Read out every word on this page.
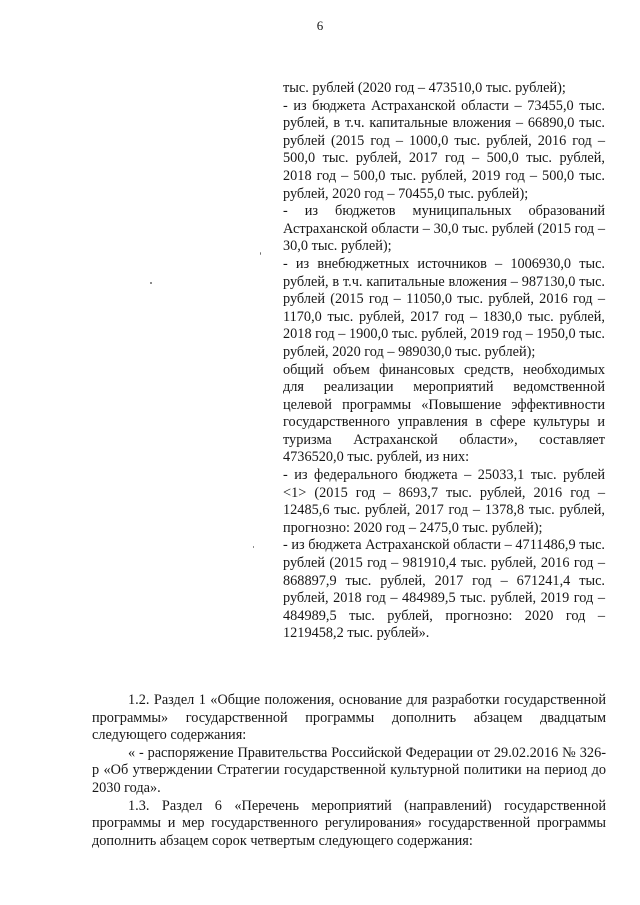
6

тыс. рублей (2020 год – 473510,0 тыс. рублей);

- из бюджета Астраханской области – 73455,0 тыс. рублей, в т.ч. капитальные вложения – 66890,0 тыс. рублей (2015 год – 1000,0 тыс. рублей, 2016 год – 500,0 тыс. рублей, 2017 год – 500,0 тыс. рублей, 2018 год – 500,0 тыс. рублей, 2019 год – 500,0 тыс. рублей, 2020 год – 70455,0 тыс. рублей);

- из бюджетов муниципальных образований Астраханской области – 30,0 тыс. рублей (2015 год – 30,0 тыс. рублей);

- из внебюджетных источников – 1006930,0 тыс. рублей, в т.ч. капитальные вложения – 987130,0 тыс. рублей (2015 год – 11050,0 тыс. рублей, 2016 год – 1170,0 тыс. рублей, 2017 год – 1830,0 тыс. рублей, 2018 год – 1900,0 тыс. рублей, 2019 год – 1950,0 тыс. рублей, 2020 год – 989030,0 тыс. рублей);

общий объем финансовых средств, необходимых для реализации мероприятий ведомственной целевой программы «Повышение эффективности государственного управления в сфере культуры и туризма Астраханской области», составляет 4736520,0 тыс. рублей, из них:

- из федерального бюджета – 25033,1 тыс. рублей <1> (2015 год – 8693,7 тыс. рублей, 2016 год – 12485,6 тыс. рублей, 2017 год – 1378,8 тыс. рублей, прогнозно: 2020 год – 2475,0 тыс. рублей);

- из бюджета Астраханской области – 4711486,9 тыс. рублей (2015 год – 981910,4 тыс. рублей, 2016 год – 868897,9 тыс. рублей, 2017 год – 671241,4 тыс. рублей, 2018 год – 484989,5 тыс. рублей, 2019 год – 484989,5 тыс. рублей, прогнозно: 2020 год – 1219458,2 тыс. рублей».

1.2. Раздел 1 «Общие положения, основание для разработки государственной программы» государственной программы дополнить абзацем двадцатым следующего содержания:

« - распоряжение Правительства Российской Федерации от 29.02.2016 № 326-р «Об утверждении Стратегии государственной культурной политики на период до 2030 года».

1.3. Раздел 6 «Перечень мероприятий (направлений) государственной программы и мер государственного регулирования» государственной программы дополнить абзацем сорок четвертым следующего содержания:
